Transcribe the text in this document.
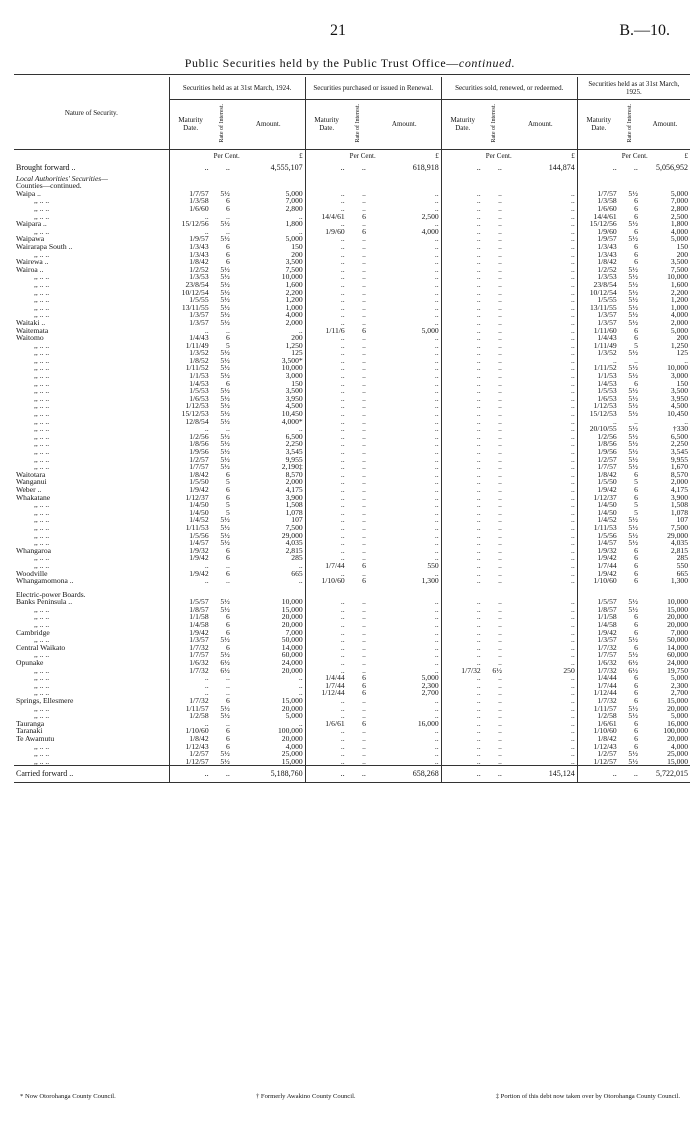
21	B.—10.
Public Securities held by the Public Trust Office—continued.
Nature of Security.	Securities held as at 31st March, 1924.			Securities purchased or issued in Renewal.			Securities sold, renewed, or redeemed.			Securities held as at 31st March, 1925.		
	Maturity Date.	Rate of Interest.	Amount.	Maturity Date.	Rate of Interest.	Amount.	Maturity Date.	Rate of Interest.	Amount.	Maturity Date.	Rate of Interest.	Amount.
		Per Cent.	£		Per Cent.	£		Per Cent.	£		Per Cent.	£
Brought forward ..	..	..	4,555,107	..	..	618,918	..	..	144,874	..	..	5,056,952
Local Authorities' Securities—												
Counties—continued.												
Waipa ..	1/7/57	5½	5,000	..	..	..	..	..	..	1/7/57	5½	5,000
,, .. ..	1/3/58	6	7,000	..	..	..	..	..	..	1/3/58	6	7,000
,, .. ..	1/6/60	6	2,800	..	..	..	..	..	..	1/6/60	6	2,800
,, .. ..	..	..	..	14/4/61	6	2,500	..	..	..	14/4/61	6	2,500
Waipara ..	15/12/56	5½	1,800	..	..	..	..	..	..	15/12/56	5½	1,800
,, .. ..	..	..	..	1/9/60	6	4,000	..	..	..	1/9/60	6	4,000
Waipawa	1/9/57	5½	5,000	..	..	..	..	..	..	1/9/57	5½	5,000
Wairarapa South ..	1/3/43	6	150	..	..	..	..	..	..	1/3/43	6	150
,, .. ..	1/3/43	6	200	..	..	..	..	..	..	1/3/43	6	200
Wairewa ..	1/8/42	6	3,500	..	..	..	..	..	..	1/8/42	6	3,500
Wairoa ..	1/2/52	5½	7,500	..	..	..	..	..	..	1/2/52	5½	7,500
,, .. ..	1/3/53	5½	10,000	..	..	..	..	..	..	1/3/53	5½	10,000
,, .. ..	23/8/54	5½	1,600	..	..	..	..	..	..	23/8/54	5½	1,600
,, .. ..	10/12/54	5½	2,200	..	..	..	..	..	..	10/12/54	5½	2,200
,, .. ..	1/5/55	5½	1,200	..	..	..	..	..	..	1/5/55	5½	1,200
,, .. ..	13/11/55	5½	1,000	..	..	..	..	..	..	13/11/55	5½	1,000
,, .. ..	1/3/57	5½	4,000	..	..	..	..	..	..	1/3/57	5½	4,000
Waitaki ..	1/3/57	5½	2,000	..	..	..	..	..	..	1/3/57	5½	2,000
Waitemata	..	..	..	1/11/6	6	5,000	..	..	..	1/11/60	6	5,000
Waitomo	1/4/43	6	200	..	..	..	..	..	..	1/4/43	6	200
,, .. ..	1/11/49	5	1,250	..	..	..	..	..	..	1/11/49	5	1,250
,, .. ..	1/3/52	5½	125	..	..	..	..	..	..	1/3/52	5½	125
,, .. ..	1/8/52	5½	3,500*	..	..	..	..	..	..	..	..	..
,, .. ..	1/11/52	5½	10,000	..	..	..	..	..	..	1/11/52	5½	10,000
,, .. ..	1/1/53	5½	3,000	..	..	..	..	..	..	1/1/53	5½	3,000
,, .. ..	1/4/53	6	150	..	..	..	..	..	..	1/4/53	6	150
,, .. ..	1/5/53	5½	3,500	..	..	..	..	..	..	1/5/53	5½	3,500
,, .. ..	1/6/53	5½	3,950	..	..	..	..	..	..	1/6/53	5½	3,950
,, .. ..	1/12/53	5½	4,500	..	..	..	..	..	..	1/12/53	5½	4,500
,, .. ..	15/12/53	5½	10,450	..	..	..	..	..	..	15/12/53	5½	10,450
,, .. ..	12/8/54	5½	4,000*	..	..	..	..	..	..	..	..	..
,, .. ..	..	..	..	..	..	..	..	..	..	20/10/55	5½	†330
,, .. ..	1/2/56	5½	6,500	..	..	..	..	..	..	1/2/56	5½	6,500
,, .. ..	1/8/56	5½	2,250	..	..	..	..	..	..	1/8/56	5½	2,250
,, .. ..	1/9/56	5½	3,545	..	..	..	..	..	..	1/9/56	5½	3,545
,, .. ..	1/2/57	5½	9,955	..	..	..	..	..	..	1/2/57	5½	9,955
,, .. ..	1/7/57	5½	2,190‡	..	..	..	..	..	..	1/7/57	5½	1,670
Waitotara	1/8/42	6	8,570	..	..	..	..	..	..	1/8/42	6	8,570
Wanganui	1/5/50	5	2,000	..	..	..	..	..	..	1/5/50	5	2,000
Weber ..	1/9/42	6	4,175	..	..	..	..	..	..	1/9/42	6	4,175
Whakatane	1/12/37	6	3,900	..	..	..	..	..	..	1/12/37	6	3,900
,, .. ..	1/4/50	5	1,508	..	..	..	..	..	..	1/4/50	5	1,508
,, .. ..	1/4/50	5	1,078	..	..	..	..	..	..	1/4/50	5	1,078
,, .. ..	1/4/52	5½	107	..	..	..	..	..	..	1/4/52	5½	107
,, .. ..	1/11/53	5½	7,500	..	..	..	..	..	..	1/11/53	5½	7,500
,, .. ..	1/5/56	5½	29,000	..	..	..	..	..	..	1/5/56	5½	29,000
,, .. ..	1/4/57	5½	4,035	..	..	..	..	..	..	1/4/57	5½	4,035
Whangaroa	1/9/32	6	2,815	..	..	..	..	..	..	1/9/32	6	2,815
,, .. ..	1/9/42	6	285	..	..	..	..	..	..	1/9/42	6	285
,, .. ..	..	..	..	1/7/44	6	550	..	..	..	1/7/44	6	550
Woodville	1/9/42	6	665	..	..	..	..	..	..	1/9/42	6	665
Whangamomona ..	..	..	..	1/10/60	6	1,300	..	..	..	1/10/60	6	1,300

Electric-power Boards.												
Banks Peninsula ..	1/5/57	5½	10,000	..	..	..	..	..	..	1/5/57	5½	10,000
,, .. ..	1/8/57	5½	15,000	..	..	..	..	..	..	1/8/57	5½	15,000
,, .. ..	1/1/58	6	20,000	..	..	..	..	..	..	1/1/58	6	20,000
,, .. ..	1/4/58	6	20,000	..	..	..	..	..	..	1/4/58	6	20,000
Cambridge	1/9/42	6	7,000	..	..	..	..	..	..	1/9/42	6	7,000
,, .. ..	1/3/57	5½	50,000	..	..	..	..	..	..	1/3/57	5½	50,000
Central Waikato	1/7/32	6	14,000	..	..	..	..	..	..	1/7/32	6	14,000
,, .. ..	1/7/57	5½	60,000	..	..	..	..	..	..	1/7/57	5½	60,000
Opunake	1/6/32	6½	24,000	..	..	..	..	..	..	1/6/32	6½	24,000
,, .. ..	1/7/32	6½	20,000	..	..	..	1/7/32	6½	250	1/7/32	6½	19,750
,, .. ..	..	..	..	1/4/44	6	5,000	..	..	..	1/4/44	6	5,000
,, .. ..	..	..	..	1/7/44	6	2,300	..	..	..	1/7/44	6	2,300
,, .. ..	..	..	..	1/12/44	6	2,700	..	..	..	1/12/44	6	2,700
Springs, Ellesmere	1/7/32	6	15,000	..	..	..	..	..	..	1/7/32	6	15,000
,, .. ..	1/11/57	5½	20,000	..	..	..	..	..	..	1/11/57	5½	20,000
,, .. ..	1/2/58	5½	5,000	..	..	..	..	..	..	1/2/58	5½	5,000
Tauranga	..	..	..	1/6/61	6	16,000	..	..	..	1/6/61	6	16,000
Taranaki	1/10/60	6	100,000	..	..	..	..	..	..	1/10/60	6	100,000
Te Awamutu	1/8/42	6	20,000	..	..	..	..	..	..	1/8/42	6	20,000
,, .. ..	1/12/43	6	4,000	..	..	..	..	..	..	1/12/43	6	4,000
,, .. ..	1/2/57	5½	25,000	..	..	..	..	..	..	1/2/57	5½	25,000
,, .. ..	1/12/57	5½	15,000	..	..	..	..	..	..	1/12/57	5½	15,000
Carried forward ..	..	..	5,188,760	..	..	658,268	..	..	145,124	..	..	5,722,015
* Now Otorohanga County Council.	† Formerly Awakino County Council.	‡ Portion of this debt now taken over by Otorohanga County Council.
